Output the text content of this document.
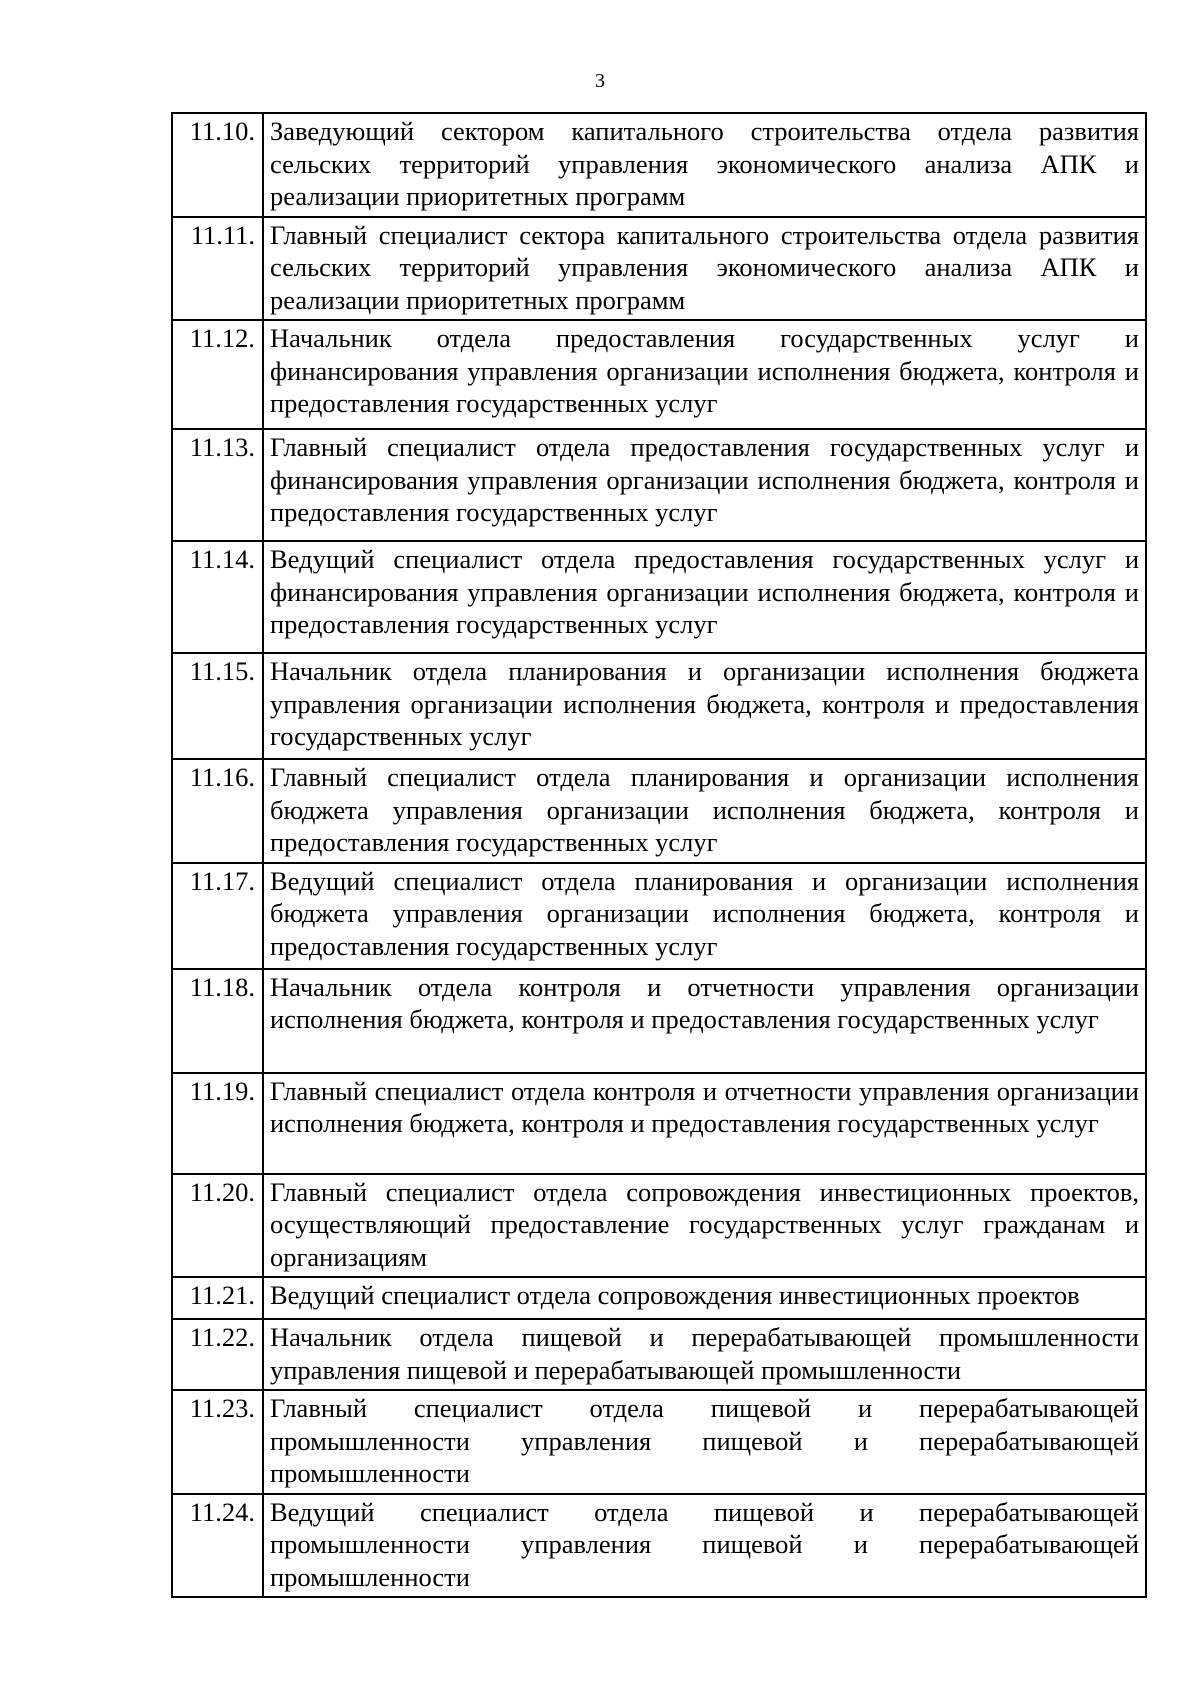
3
11.10.	Заведующий сектором капитального строительства отдела развития сельских территорий управления экономического анализа АПК и реализации приоритетных программ
11.11.	Главный специалист сектора капитального строительства отдела развития сельских территорий управления экономического анализа АПК и реализации приоритетных программ
11.12.	Начальник отдела предоставления государственных услуг и финансирования управления организации исполнения бюджета, контроля и предоставления государственных услуг
11.13.	Главный специалист отдела предоставления государственных услуг и финансирования управления организации исполнения бюджета, контроля и предоставления государственных услуг
11.14.	Ведущий специалист отдела предоставления государственных услуг и финансирования управления организации исполнения бюджета, контроля и предоставления государственных услуг
11.15.	Начальник отдела планирования и организации исполнения бюджета управления организации исполнения бюджета, контроля и предоставления государственных услуг
11.16.	Главный специалист отдела планирования и организации исполнения бюджета управления организации исполнения бюджета, контроля и предоставления государственных услуг
11.17.	Ведущий специалист отдела планирования и организации исполнения бюджета управления организации исполнения бюджета, контроля и предоставления государственных услуг
11.18.	Начальник отдела контроля и отчетности управления организации исполнения бюджета, контроля и предоставления государственных услуг
11.19.	Главный специалист отдела контроля и отчетности управления организации исполнения бюджета, контроля и предоставления государственных услуг
11.20.	Главный специалист отдела сопровождения инвестиционных проектов, осуществляющий предоставление государственных услуг гражданам и организациям
11.21.	Ведущий специалист отдела сопровождения инвестиционных проектов
11.22.	Начальник отдела пищевой и перерабатывающей промышленности управления пищевой и перерабатывающей промышленности
11.23.	Главный специалист отдела пищевой и перерабатывающей промышленности управления пищевой и перерабатывающей промышленности
11.24.	Ведущий специалист отдела пищевой и перерабатывающей промышленности управления пищевой и перерабатывающей промышленности
